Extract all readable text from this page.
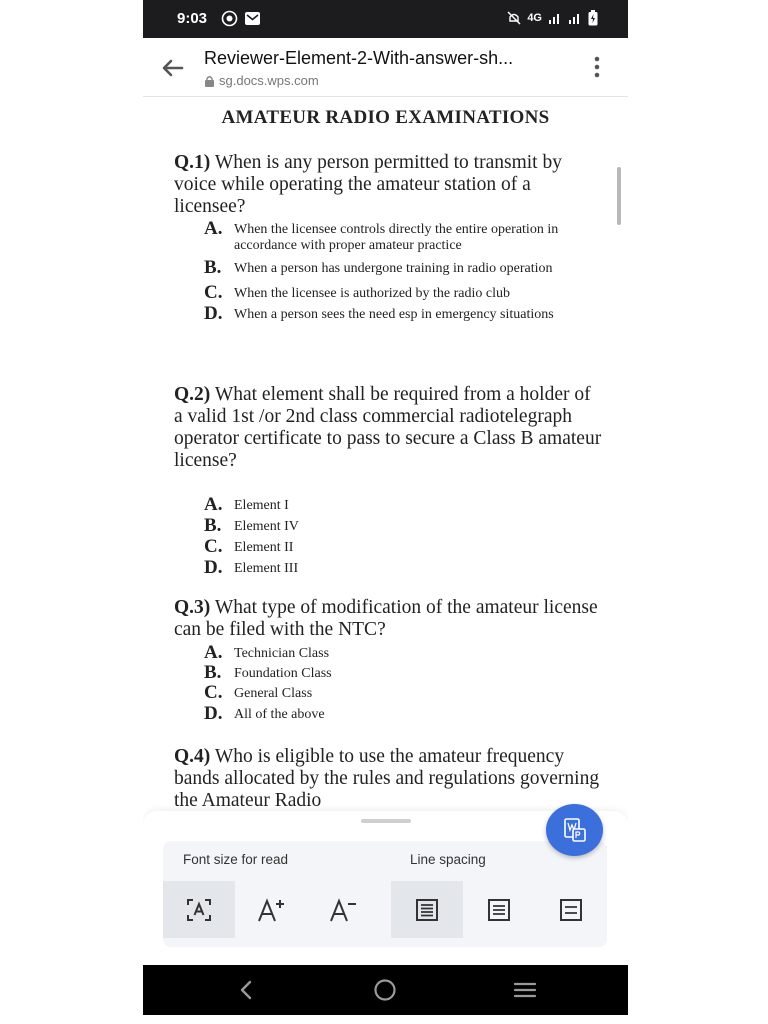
9:03	4G
Reviewer-Element-2-With-answer-sh...
sg.docs.wps.com
AMATEUR RADIO EXAMINATIONS
Q.1) When is any person permitted to transmit by voice while operating the amateur station of a licensee?
A. When the licensee controls directly the entire operation in accordance with proper amateur practice
B. When a person has undergone training in radio operation
C. When the licensee is authorized by the radio club
D. When a person sees the need esp in emergency situations
Q.2) What element shall be required from a holder of a valid 1st /or 2nd class commercial radiotelegraph operator certificate to pass to secure a Class B amateur license?
A. Element I
B. Element IV
C. Element II
D. Element III
Q.3) What type of modification of the amateur license can be filed with the NTC?
A. Technician Class
B. Foundation Class
C. General Class
D. All of the above
Q.4) Who is eligible to use the amateur frequency bands allocated by the rules and regulations governing the Amateur Radio
Font size for read	Line spacing
